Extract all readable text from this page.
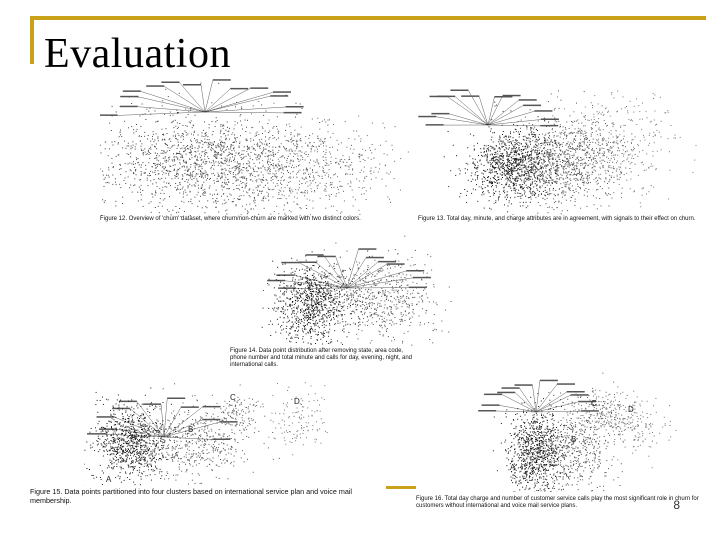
Evaluation
Figure 12. Overview of 'churn' dataset, where churn/non-churn are marked with two distinct colors.	Figure 13. Total day, minute, and charge attributes are in agreement, with signals to their effect on churn.
Figure 14. Data point distribution after removing state, area code, phone number and total minute and calls for day, evening, night, and international calls.
A
B
C	D
Figure 15. Data points partitioned into four clusters based on international service plan and voice mail membership.
A
B
C
D
Figure 16. Total day charge and number of customer service calls play the most significant role in churn for customers without international and voice mail service plans.	8
